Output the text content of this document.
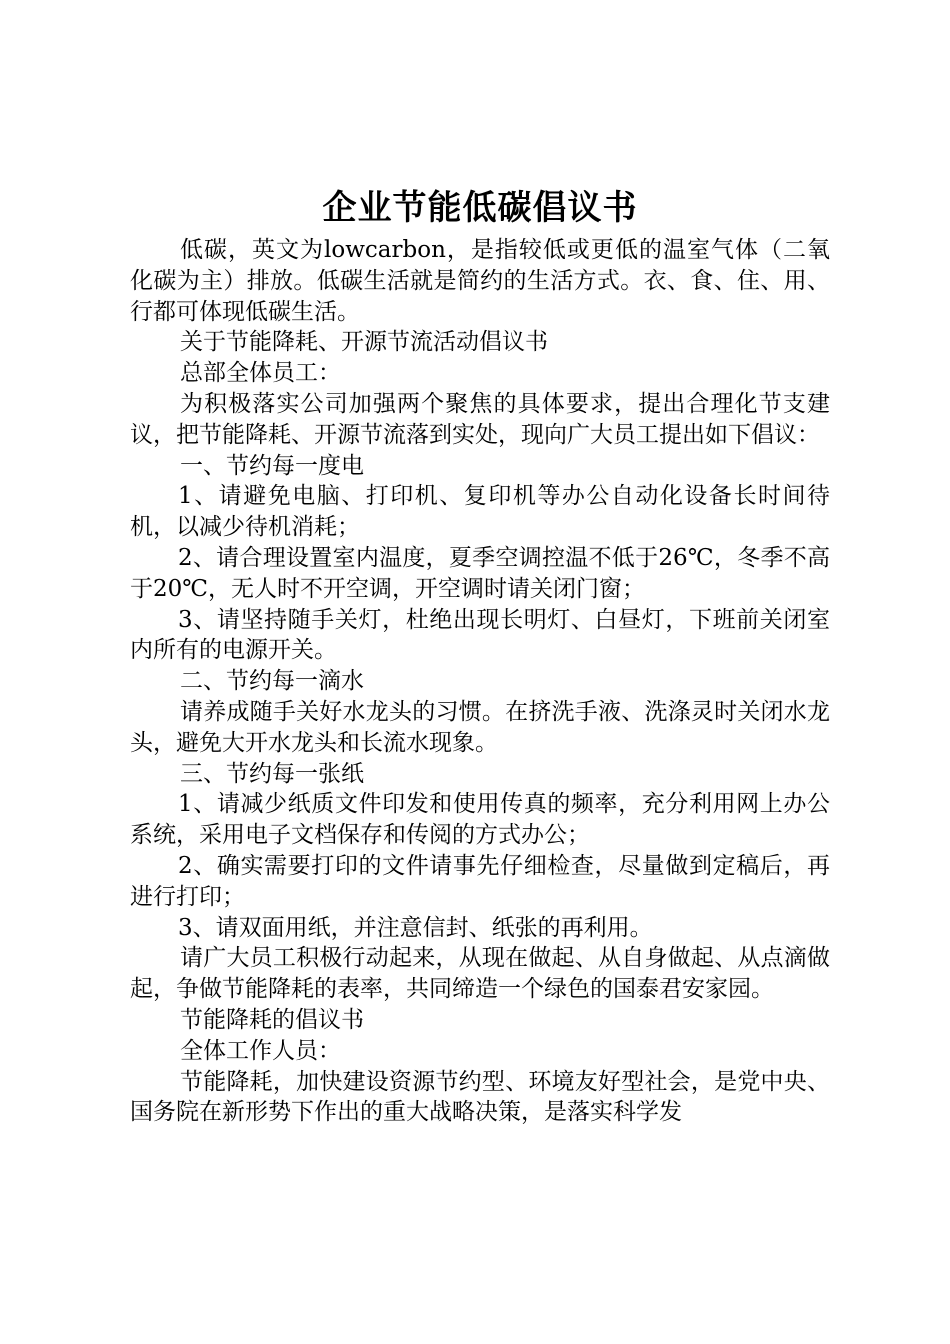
企业节能低碳倡议书

低碳，英文为lowcarbon，是指较低或更低的温室气体（二氧化碳为主）排放。低碳生活就是简约的生活方式。衣、食、住、用、行都可体现低碳生活。

关于节能降耗、开源节流活动倡议书

总部全体员工：

为积极落实公司加强两个聚焦的具体要求，提出合理化节支建议，把节能降耗、开源节流落到实处，现向广大员工提出如下倡议：

一、节约每一度电

1、请避免电脑、打印机、复印机等办公自动化设备长时间待机，以减少待机消耗；

2、请合理设置室内温度，夏季空调控温不低于26℃，冬季不高于20℃，无人时不开空调，开空调时请关闭门窗；

3、请坚持随手关灯，杜绝出现长明灯、白昼灯，下班前关闭室内所有的电源开关。

二、节约每一滴水

请养成随手关好水龙头的习惯。在挤洗手液、洗涤灵时关闭水龙头，避免大开水龙头和长流水现象。

三、节约每一张纸

1、请减少纸质文件印发和使用传真的频率，充分利用网上办公系统，采用电子文档保存和传阅的方式办公；

2、确实需要打印的文件请事先仔细检查，尽量做到定稿后，再进行打印；

3、请双面用纸，并注意信封、纸张的再利用。

请广大员工积极行动起来，从现在做起、从自身做起、从点滴做起，争做节能降耗的表率，共同缔造一个绿色的国泰君安家园。

节能降耗的倡议书

全体工作人员：

节能降耗，加快建设资源节约型、环境友好型社会，是党中央、国务院在新形势下作出的重大战略决策，是落实科学发
